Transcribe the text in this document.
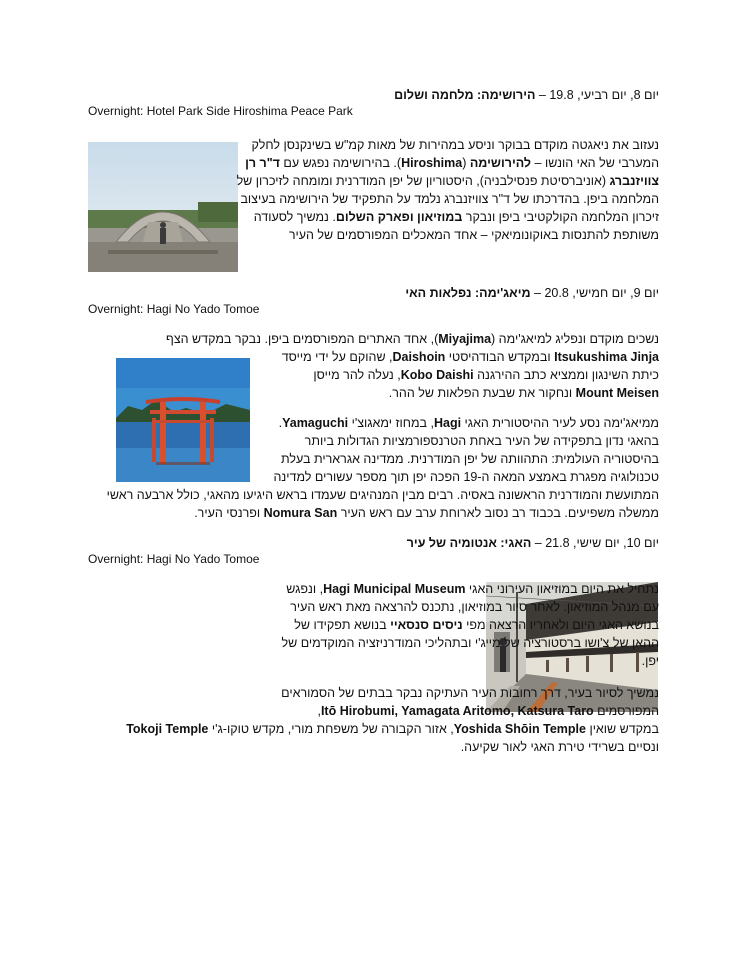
יום 8, יום רביעי, 19.8 – הירושימה: מלחמה ושלום
Overnight: Hotel Park Side Hiroshima Peace Park
נעזוב את ניאגטה מוקדם בבוקר וניסע במהירות של מאות קמ"ש בשינקנסן לחלק
המערבי של האי הונשו – להירושימה (Hiroshima). בהירושימה נפגש עם ד"ר רן
צוויזנברג (אוניברסיטת פנסילבניה), היסטוריון של יפן המודרנית ומומחה לזיכרון של
המלחמה ביפן. בהדרכתו של ד"ר צוויזנברג נלמד על התפקיד של הירושימה בעיצוב
זיכרון המלחמה הקולקטיבי ביפן ונבקר במוזיאון ופארק השלום. נמשיך לסעודה
משותפת להתנסות באוקונומיאקי – אחד המאכלים המפורסמים של העיר
יום 9, יום חמישי, 20.8 – מיאג'ימה: נפלאות האי
Overnight: Hagi No Yado Tomoe
נשכים מוקדם ונפליג למיאג'ימה (Miyajima), אחד האתרים המפורסמים ביפן. נבקר במקדש הצף
Itsukushima Jinja ובמקדש הבודהיסטי Daishoin, שהוקם על ידי מייסד
כיתת השינגון וממציא כתב ההירגנה Kobo Daishi, נעלה להר מייסן
Mount Meisen ונחקור את שבעת הפלאות של ההר.
ממיאג'ימה נסע לעיר ההיסטורית האגי Hagi, במחוז ימאגוצ'י Yamaguchi.
בהאגי נדון בתפקידה של העיר באחת הטרנספורמציות הגדולות ביותר
בהיסטוריה העולמית: התהוותה של יפן המודרנית. ממדינה אגרארית בעלת
טכנולוגיה מפגרת באמצע המאה ה-19 הפכה יפן תוך מספר עשורים למדינה
המתועשת והמודרנית הראשונה באסיה. רבים מבין המנהיגים שעמדו בראש היגיעו מהאגי, כולל ארבעה ראשי
ממשלה משפיעים. בכבוד רב נסוב לארוחת ערב עם ראש העיר Nomura San ופרנסי העיר.
יום 10, יום שישי, 21.8 – האגי: אנטומיה של עיר
Overnight: Hagi No Yado Tomoe
נתחיל את היום במוזיאון העירוני האגי Hagi Municipal Museum, ונפגש
עם מנהל המוזיאון. לאחר סיור במוזיאון, נתכנס להרצאה מאת ראש העיר
בנושא האגי היום ולאחריו הרצאה מפי ניסים סנסאיי בנושא תפקידו של
ההאן של צ'ושו ברסטורציה של מייג'י ובתהליכי המודרניזציה המוקדמים של
יפן.
נמשיך לסיור בעיר, דרך רחובות העיר העתיקה נבקר בבתים של הסמוראים
המפורסמים Itō Hirobumi, Yamagata Aritomo, Katsura Taro,
במקדש שואין Yoshida Shōin Temple, אזור הקבורה של משפחת מורי, מקדש טוקו-ג'י Tokoji Temple
ונסיים בשרידי טירת האגי לאור שקיעה.
